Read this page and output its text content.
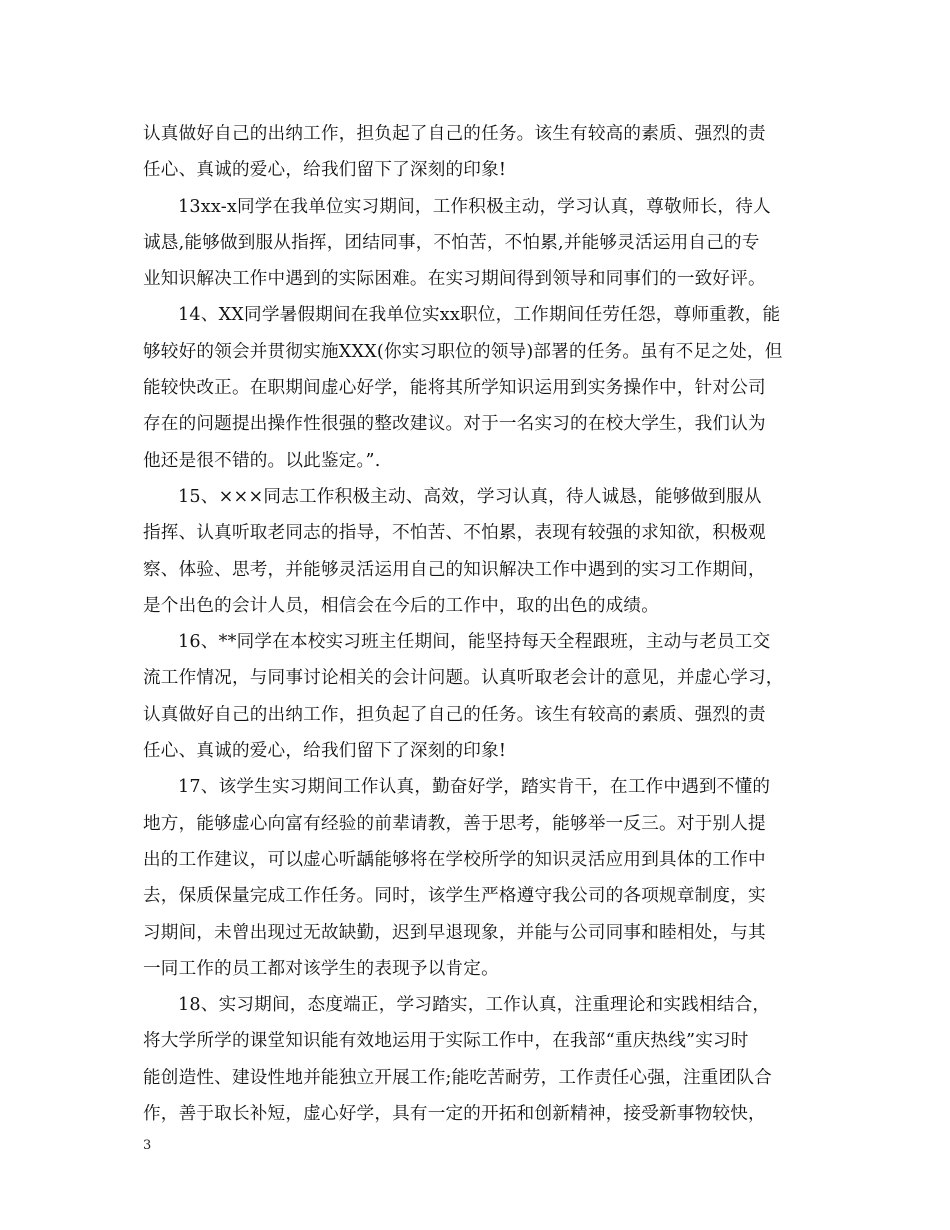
认真做好自己的出纳工作，担负起了自己的任务。该生有较高的素质、强烈的责
任心、真诚的爱心，给我们留下了深刻的印象!

13xx-x同学在我单位实习期间，工作积极主动，学习认真，尊敬师长，待人
诚恳,能够做到服从指挥，团结同事，不怕苦，不怕累,并能够灵活运用自己的专
业知识解决工作中遇到的实际困难。在实习期间得到领导和同事们的一致好评。

14、XX同学暑假期间在我单位实xx职位，工作期间任劳任怨，尊师重教，能
够较好的领会并贯彻实施XXX(你实习职位的领导)部署的任务。虽有不足之处，但
能较快改正。在职期间虚心好学，能将其所学知识运用到实务操作中，针对公司
存在的问题提出操作性很强的整改建议。对于一名实习的在校大学生，我们认为
他还是很不错的。以此鉴定。”.

15、×××同志工作积极主动、高效，学习认真，待人诚恳，能够做到服从
指挥、认真听取老同志的指导，不怕苦、不怕累，表现有较强的求知欲，积极观
察、体验、思考，并能够灵活运用自己的知识解决工作中遇到的实习工作期间，
是个出色的会计人员，相信会在今后的工作中，取的出色的成绩。

16、**同学在本校实习班主任期间，能坚持每天全程跟班，主动与老员工交
流工作情况，与同事讨论相关的会计问题。认真听取老会计的意见，并虚心学习，
认真做好自己的出纳工作，担负起了自己的任务。该生有较高的素质、强烈的责
任心、真诚的爱心，给我们留下了深刻的印象!

17、该学生实习期间工作认真，勤奋好学，踏实肯干，在工作中遇到不懂的
地方，能够虚心向富有经验的前辈请教，善于思考，能够举一反三。对于别人提
出的工作建议，可以虚心听龋能够将在学校所学的知识灵活应用到具体的工作中
去，保质保量完成工作任务。同时，该学生严格遵守我公司的各项规章制度，实
习期间，未曾出现过无故缺勤，迟到早退现象，并能与公司同事和睦相处，与其
一同工作的员工都对该学生的表现予以肯定。

18、实习期间，态度端正，学习踏实，工作认真，注重理论和实践相结合，
将大学所学的课堂知识能有效地运用于实际工作中，在我部“重庆热线”实习时
能创造性、建设性地并能独立开展工作;能吃苦耐劳，工作责任心强，注重团队合
作，善于取长补短，虚心好学，具有一定的开拓和创新精神，接受新事物较快，

3
